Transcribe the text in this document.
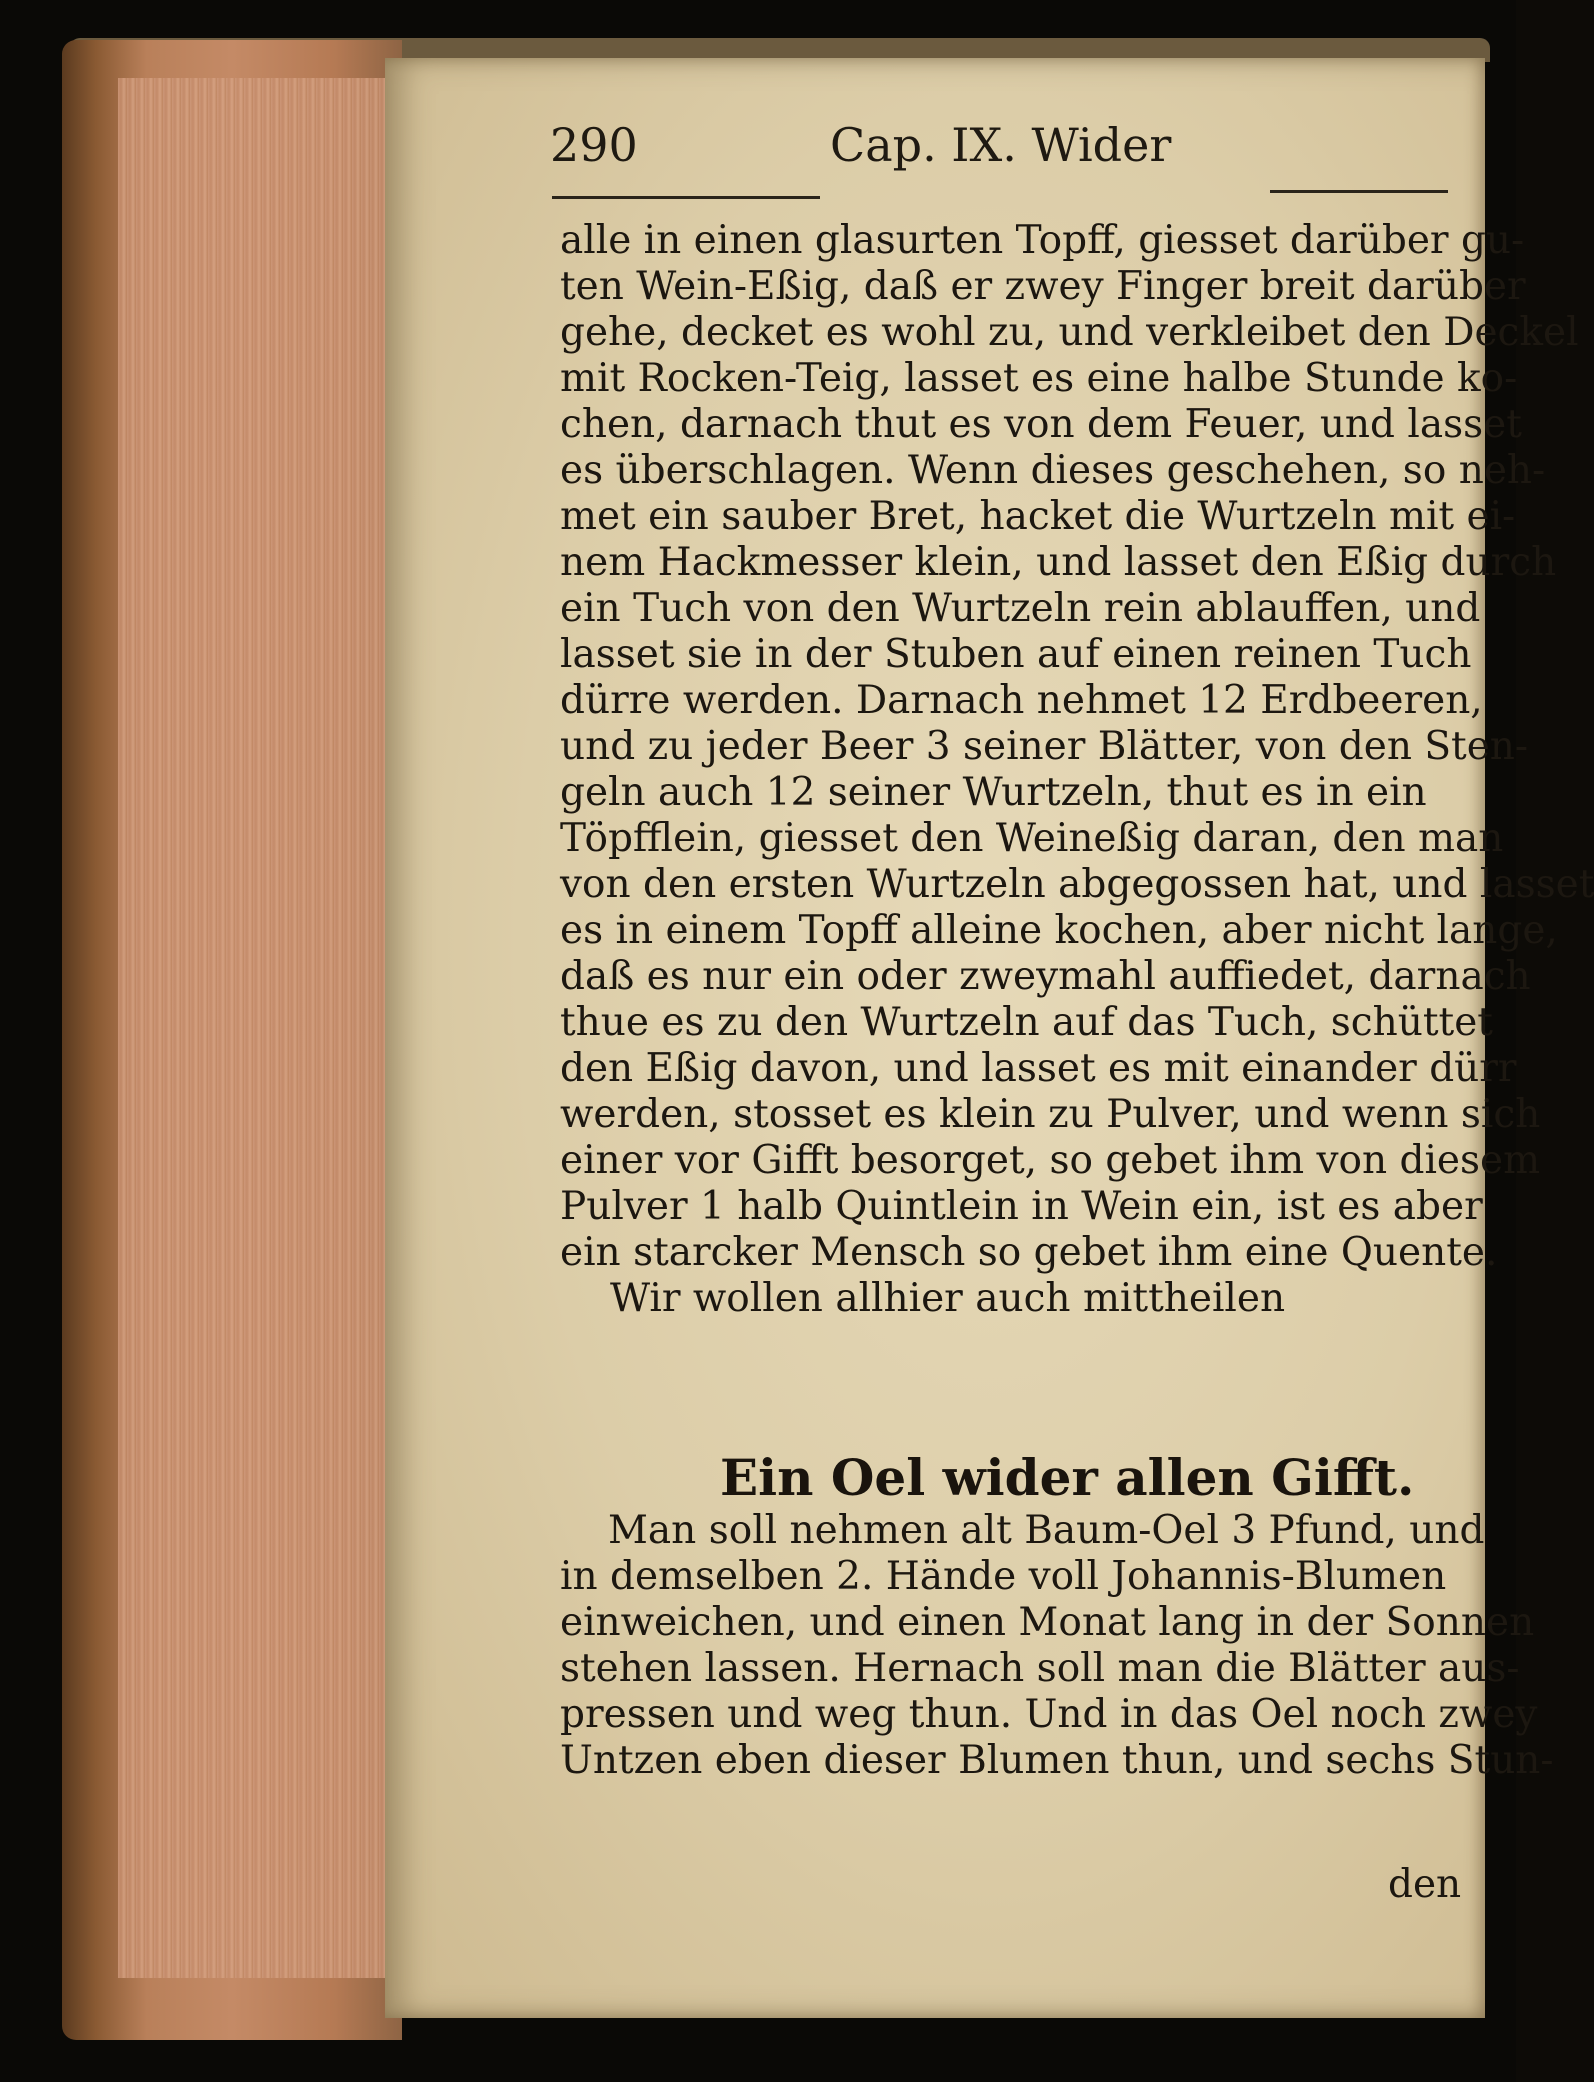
290	Cap. IX. Wider
alle in einen glasurten Topff, giesset darüber gu-
ten Wein-Eßig, daß er zwey Finger breit darüber
gehe, decket es wohl zu, und verkleibet den Deckel
mit Rocken-Teig, lasset es eine halbe Stunde ko-
chen, darnach thut es von dem Feuer, und lasset
es überschlagen. Wenn dieses geschehen, so neh-
met ein sauber Bret, hacket die Wurtzeln mit ei-
nem Hackmesser klein, und lasset den Eßig durch
ein Tuch von den Wurtzeln rein ablauffen, und
lasset sie in der Stuben auf einen reinen Tuch
dürre werden. Darnach nehmet 12 Erdbeeren,
und zu jeder Beer 3 seiner Blätter, von den Sten-
geln auch 12 seiner Wurtzeln, thut es in ein
Töpfflein, giesset den Weineßig daran, den man
von den ersten Wurtzeln abgegossen hat, und lasset
es in einem Topff alleine kochen, aber nicht lange,
daß es nur ein oder zweymahl auffiedet, darnach
thue es zu den Wurtzeln auf das Tuch, schüttet
den Eßig davon, und lasset es mit einander dürr
werden, stosset es klein zu Pulver, und wenn sich
einer vor Gifft besorget, so gebet ihm von diesem
Pulver 1 halb Quintlein in Wein ein, ist es aber
ein starcker Mensch so gebet ihm eine Quente.
Wir wollen allhier auch mittheilen
Ein Oel wider allen Gifft.
Man soll nehmen alt Baum-Oel 3 Pfund, und
in demselben 2. Hände voll Johannis-Blumen
einweichen, und einen Monat lang in der Sonnen
stehen lassen. Hernach soll man die Blätter aus-
pressen und weg thun. Und in das Oel noch zwey
Untzen eben dieser Blumen thun, und sechs Stun-
den
